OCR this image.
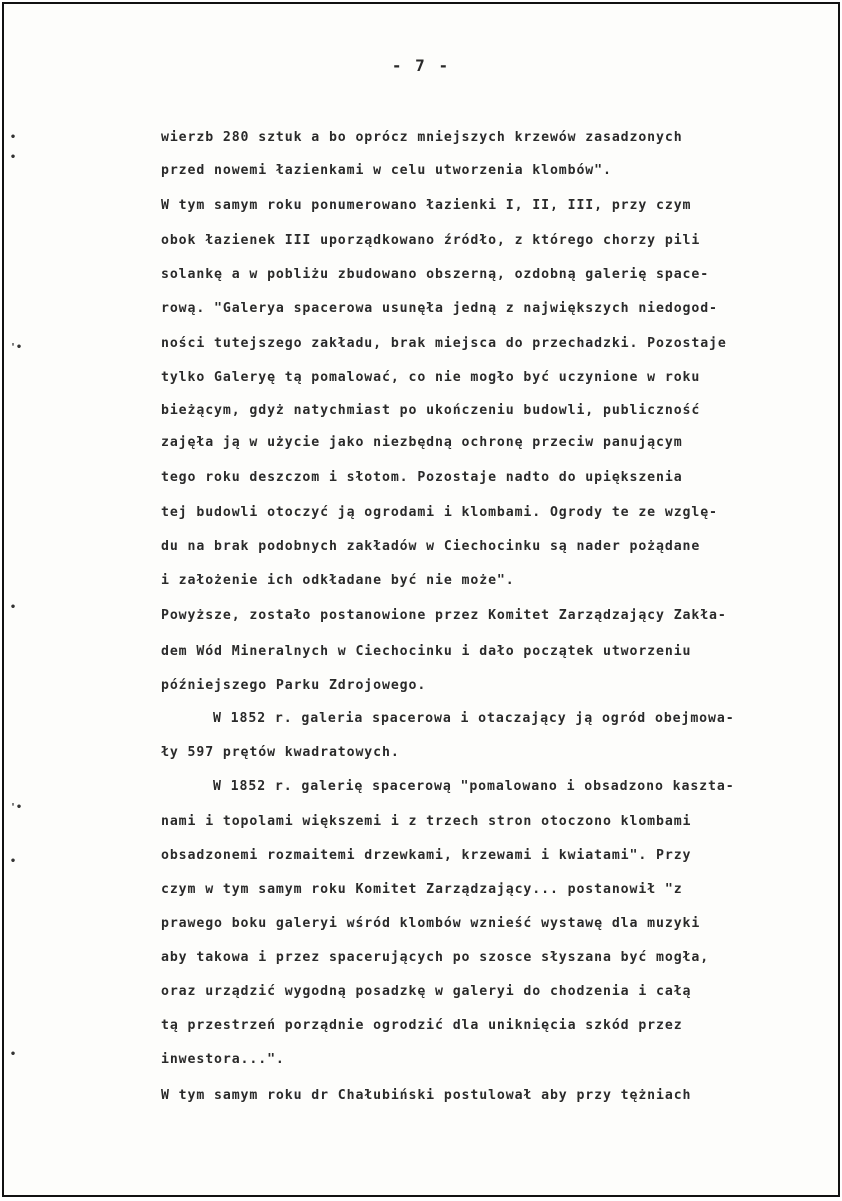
- 7 -
•
•
'•
•
'•
•
•
wierzb 280 sztuk a bo oprócz mniejszych krzewów zasadzonych
przed nowemi łazienkami w celu utworzenia klombów".
W tym samym roku ponumerowano łazienki I, II, III, przy czym
obok łazienek III uporządkowano źródło, z którego chorzy pili
solankę a w pobliżu zbudowano obszerną, ozdobną galerię space-
rową. "Galerya spacerowa usunęła jedną z największych niedogod-
ności tutejszego zakładu, brak miejsca do przechadzki. Pozostaje
tylko Galeryę tą pomalować, co nie mogło być uczynione w roku
bieżącym, gdyż natychmiast po ukończeniu budowli, publiczność
zajęła ją w użycie jako niezbędną ochronę przeciw panującym
tego roku deszczom i słotom. Pozostaje nadto do upiększenia
tej budowli otoczyć ją ogrodami i klombami. Ogrody te ze wzglę-
du na brak podobnych zakładów w Ciechocinku są nader pożądane
i założenie ich odkładane być nie może".
Powyższe, zostało postanowione przez Komitet Zarządzający Zakła-
dem Wód Mineralnych w Ciechocinku i dało początek utworzeniu
późniejszego Parku Zdrojowego.
W 1852 r. galeria spacerowa i otaczający ją ogród obejmowa-
ły 597 prętów kwadratowych.
W 1852 r. galerię spacerową "pomalowano i obsadzono kaszta-
nami i topolami większemi i z trzech stron otoczono klombami
obsadzonemi rozmaitemi drzewkami, krzewami i kwiatami". Przy
czym w tym samym roku Komitet Zarządzający... postanowił "z
prawego boku galeryi wśród klombów wznieść wystawę dla muzyki
aby takowa i przez spacerujących po szosce słyszana być mogła,
oraz urządzić wygodną posadzkę w galeryi do chodzenia i całą
tą przestrzeń porządnie ogrodzić dla uniknięcia szkód przez
inwestora...".
W tym samym roku dr Chałubiński postulował aby przy tężniach
